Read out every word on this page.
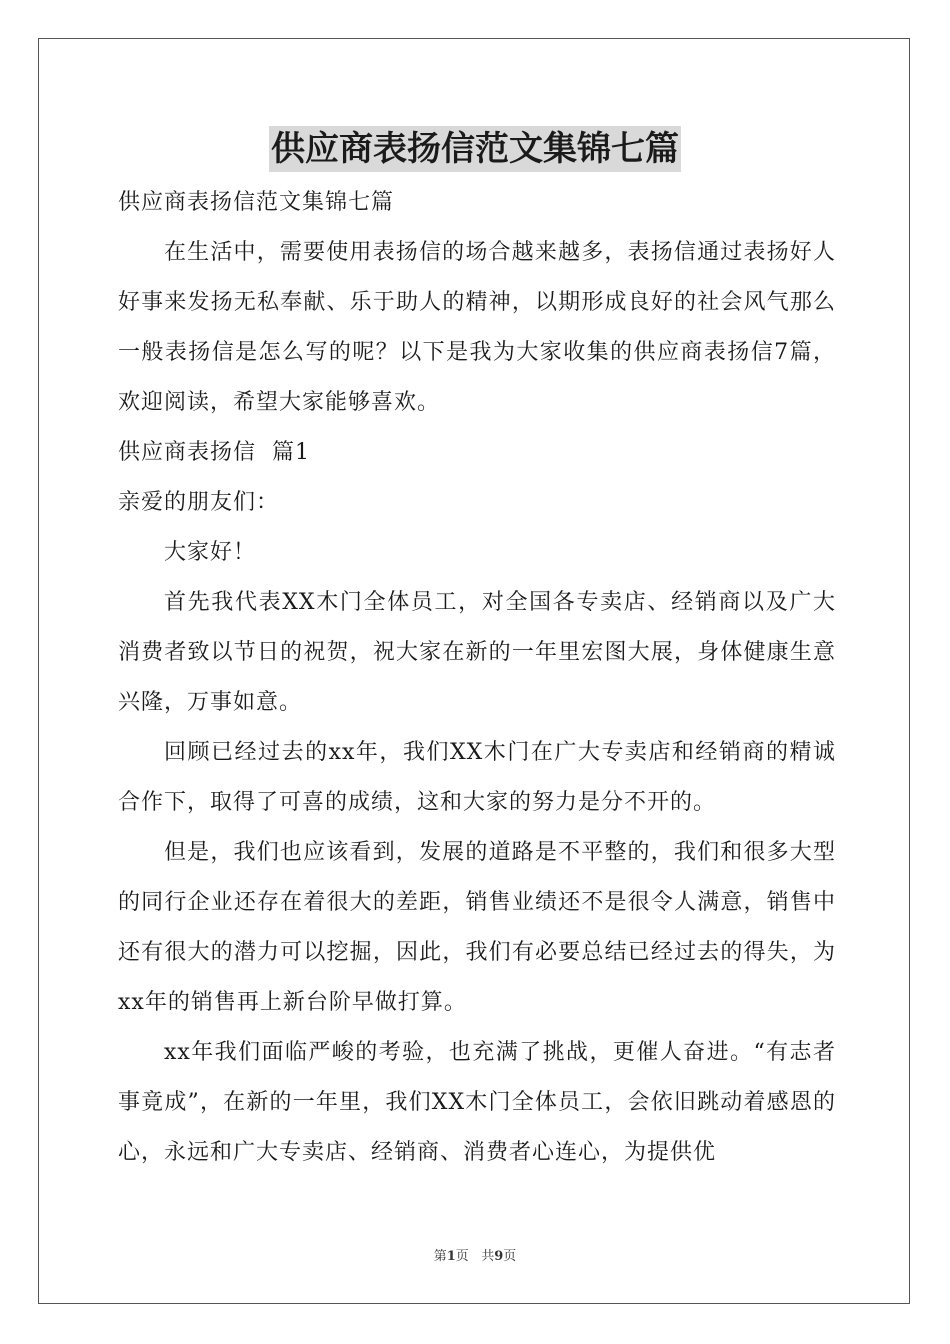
供应商表扬信范文集锦七篇

供应商表扬信范文集锦七篇

在生活中，需要使用表扬信的场合越来越多，表扬信通过表扬好人好事来发扬无私奉献、乐于助人的精神，以期形成良好的社会风气那么一般表扬信是怎么写的呢？以下是我为大家收集的供应商表扬信7篇，欢迎阅读，希望大家能够喜欢。

供应商表扬信  篇1

亲爱的朋友们：

大家好！

首先我代表XX木门全体员工，对全国各专卖店、经销商以及广大消费者致以节日的祝贺，祝大家在新的一年里宏图大展，身体健康生意兴隆，万事如意。

回顾已经过去的xx年，我们XX木门在广大专卖店和经销商的精诚合作下，取得了可喜的成绩，这和大家的努力是分不开的。

但是，我们也应该看到，发展的道路是不平整的，我们和很多大型的同行企业还存在着很大的差距，销售业绩还不是很令人满意，销售中还有很大的潜力可以挖掘，因此，我们有必要总结已经过去的得失，为xx年的销售再上新台阶早做打算。

xx年我们面临严峻的考验，也充满了挑战，更催人奋进。“有志者事竟成”，在新的一年里，我们XX木门全体员工，会依旧跳动着感恩的心，永远和广大专卖店、经销商、消费者心连心，为提供优

第1页 共9页
